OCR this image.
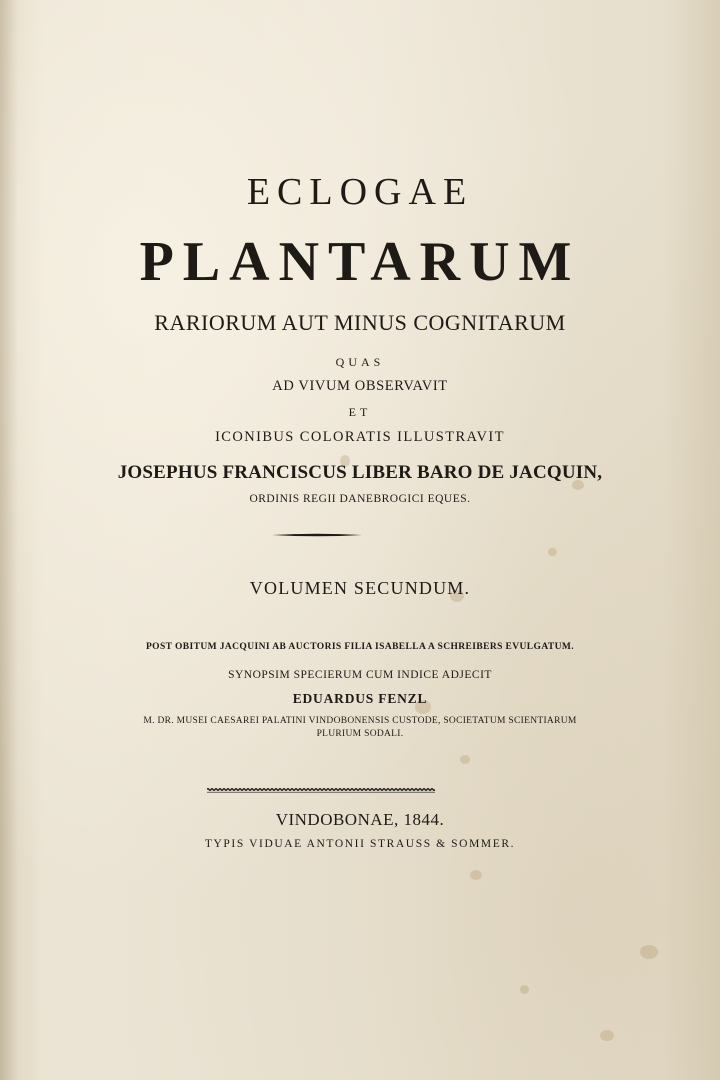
ECLOGAE
PLANTARUM
RARIORUM AUT MINUS COGNITARUM
QUAS
AD VIVUM OBSERVAVIT
ET
ICONIBUS COLORATIS ILLUSTRAVIT
JOSEPHUS FRANCISCUS LIBER BARO DE JACQUIN,
ORDINIS REGII DANEBROGICI EQUES.
VOLUMEN SECUNDUM.
POST OBITUM JACQUINI AB AUCTORIS FILIA ISABELLA A SCHREIBERS EVULGATUM.
SYNOPSIM SPECIERUM CUM INDICE ADJECIT
EDUARDUS FENZL
M. DR. MUSEI CAESAREI PALATINI VINDOBONENSIS CUSTODE, SOCIETATUM SCIENTIARUM
PLURIUM SODALI.
VINDOBONAE, 1844.
TYPIS VIDUAE ANTONII STRAUSS & SOMMER.
